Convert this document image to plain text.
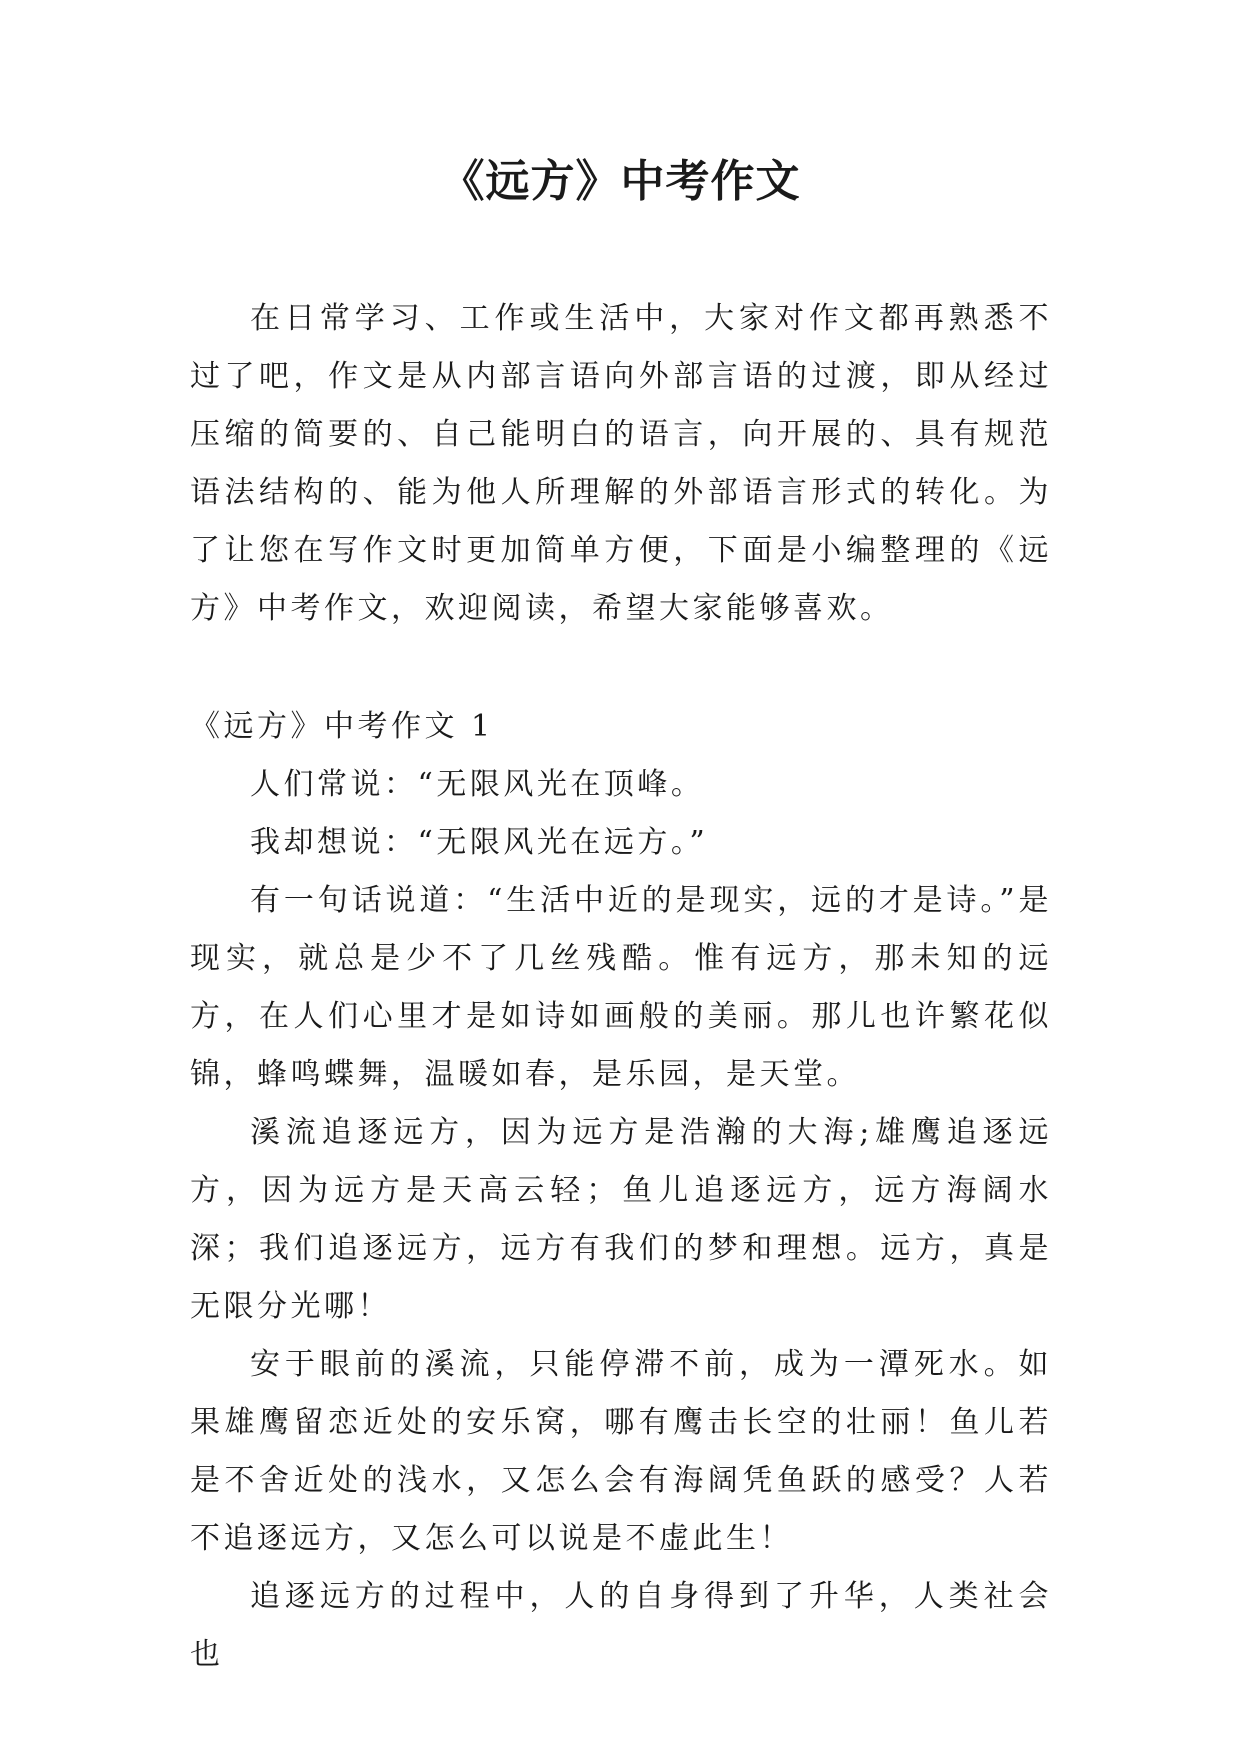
《远方》中考作文

在日常学习、工作或生活中，大家对作文都再熟悉不过了吧，作文是从内部言语向外部言语的过渡，即从经过压缩的简要的、自己能明白的语言，向开展的、具有规范语法结构的、能为他人所理解的外部语言形式的转化。为了让您在写作文时更加简单方便，下面是小编整理的《远方》中考作文，欢迎阅读，希望大家能够喜欢。

《远方》中考作文 1

人们常说：“无限风光在顶峰。

我却想说：“无限风光在远方。”

有一句话说道：“生活中近的是现实，远的才是诗。”是现实，就总是少不了几丝残酷。惟有远方，那未知的远方，在人们心里才是如诗如画般的美丽。那儿也许繁花似锦，蜂鸣蝶舞，温暖如春，是乐园，是天堂。

溪流追逐远方，因为远方是浩瀚的大海;雄鹰追逐远方，因为远方是天高云轻；鱼儿追逐远方，远方海阔水深；我们追逐远方，远方有我们的梦和理想。远方，真是无限分光哪！

安于眼前的溪流，只能停滞不前，成为一潭死水。如果雄鹰留恋近处的安乐窝，哪有鹰击长空的壮丽！鱼儿若是不舍近处的浅水，又怎么会有海阔凭鱼跃的感受？人若不追逐远方，又怎么可以说是不虚此生！

追逐远方的过程中，人的自身得到了升华，人类社会也
